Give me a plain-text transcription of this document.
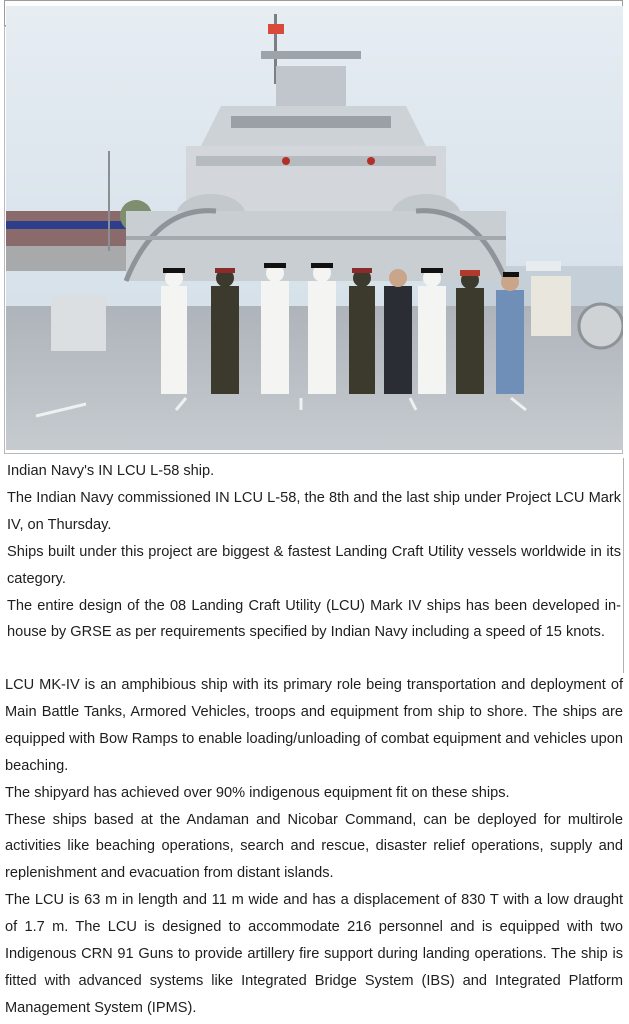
Indian Navy's IN LCU L-58 ship.

The Indian Navy commissioned IN LCU L-58, the 8th and the last ship under Project LCU Mark IV, on Thursday.

Ships built under this project are biggest & fastest Landing Craft Utility vessels worldwide in its category.

The entire design of the 08 Landing Craft Utility (LCU) Mark IV ships has been developed in-house by GRSE as per requirements specified by Indian Navy including a speed of 15 knots.

LCU MK-IV is an amphibious ship with its primary role being transportation and deployment of Main Battle Tanks, Armored Vehicles, troops and equipment from ship to shore. The ships are equipped with Bow Ramps to enable loading/unloading of combat equipment and vehicles upon beaching.

The shipyard has achieved over 90% indigenous equipment fit on these ships.

These ships based at the Andaman and Nicobar Command, can be deployed for multirole activities like beaching operations, search and rescue, disaster relief operations, supply and replenishment and evacuation from distant islands.

The LCU is 63 m in length and 11 m wide and has a displacement of 830 T with a low draught of 1.7 m. The LCU is designed to accommodate 216 personnel and is equipped with two Indigenous CRN 91 Guns to provide artillery fire support during landing operations. The ship is fitted with advanced systems like Integrated Bridge System (IBS) and Integrated Platform Management System (IPMS).
